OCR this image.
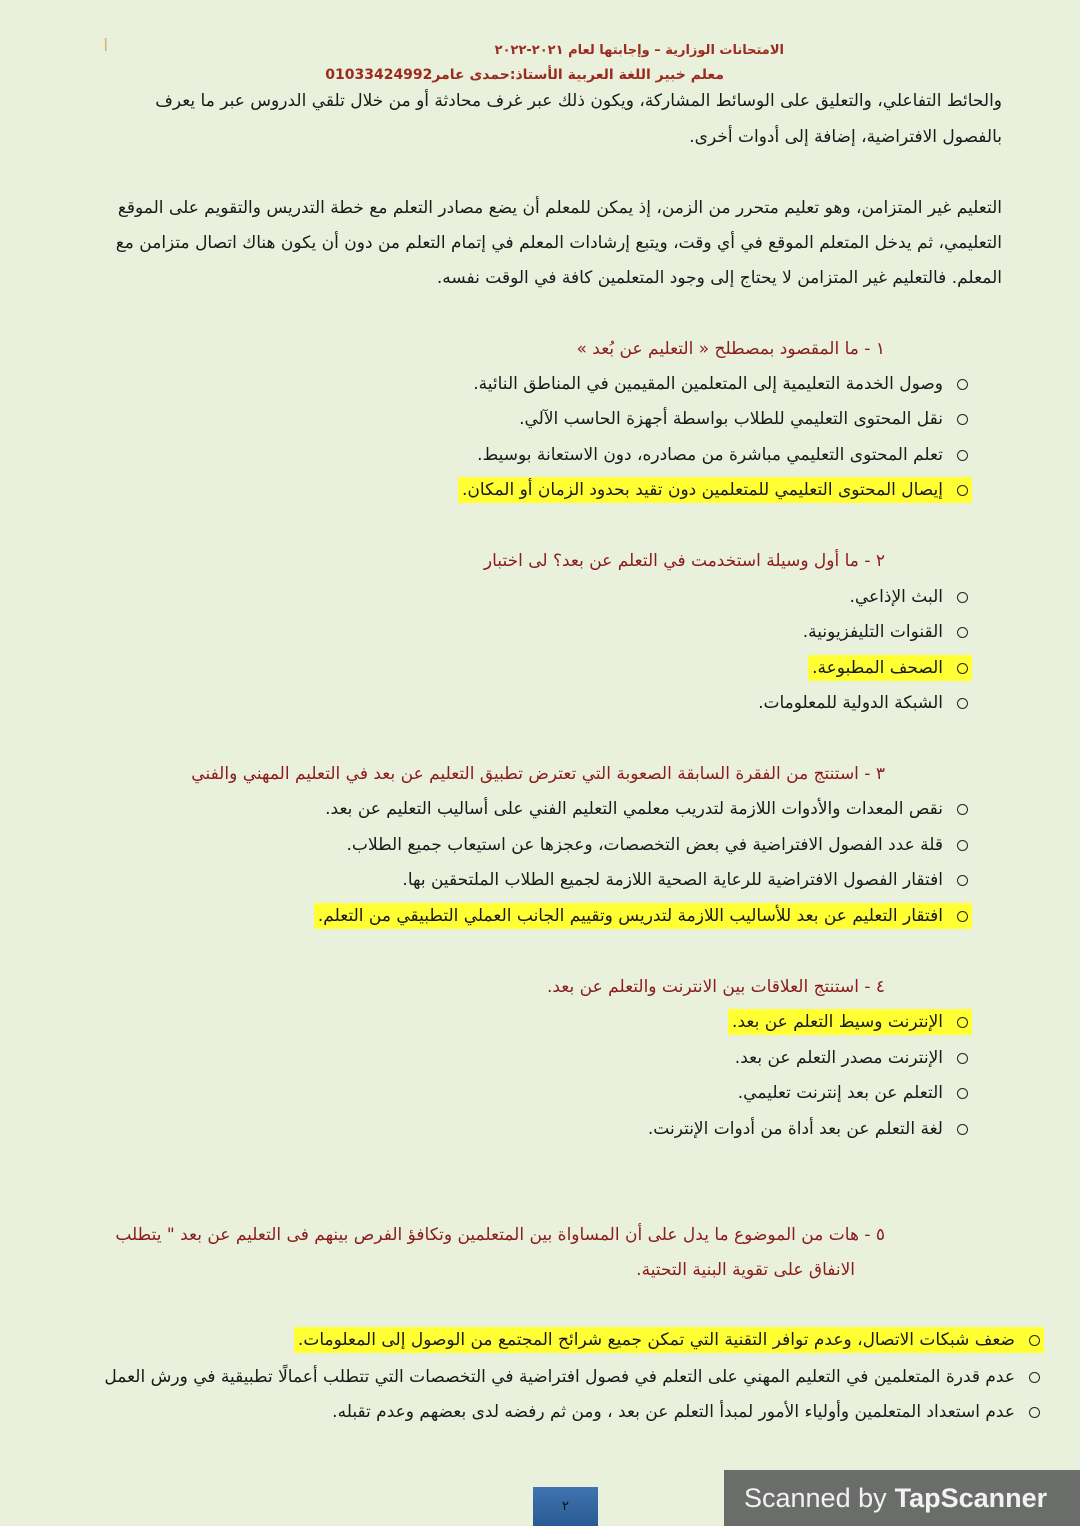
أ	الامتحانات الوزارية – وإجابتها لعام ٢٠٢١-٢٠٢٢
معلم خبير اللغة العربية الأستاذ:حمدى عامر01033424992
والحائط التفاعلي، والتعليق على الوسائط المشاركة، ويكون ذلك عبر غرف محادثة أو من خلال تلقي الدروس عبر ما يعرف
بالفصول الافتراضية، إضافة إلى أدوات أخرى.
التعليم غير المتزامن، وهو تعليم متحرر من الزمن، إذ يمكن للمعلم أن يضع مصادر التعلم مع خطة التدريس والتقويم على الموقع
التعليمي، ثم يدخل المتعلم الموقع في أي وقت، ويتبع إرشادات المعلم في إتمام التعلم من دون أن يكون هناك اتصال متزامن مع
المعلم. فالتعليم غير المتزامن لا يحتاج إلى وجود المتعلمين كافة في الوقت نفسه.
١ - ما المقصود بمصطلح « التعليم عن بُعد »
وصول الخدمة التعليمية إلى المتعلمين المقيمين في المناطق النائية.
نقل المحتوى التعليمي للطلاب بواسطة أجهزة الحاسب الآلي.
تعلم المحتوى التعليمي مباشرة من مصادره، دون الاستعانة بوسيط.
إيصال المحتوى التعليمي للمتعلمين دون تقيد بحدود الزمان أو المكان.
٢ - ما أول وسيلة استخدمت في التعلم عن بعد؟ لى اختبار
البث الإذاعي.
القنوات التليفزيونية.
الصحف المطبوعة.
الشبكة الدولية للمعلومات.
٣ - استنتج من الفقرة السابقة الصعوبة التي تعترض تطبيق التعليم عن بعد في التعليم المهني والفني
نقص المعدات والأدوات اللازمة لتدريب معلمي التعليم الفني على أساليب التعليم عن بعد.
قلة عدد الفصول الافتراضية في بعض التخصصات، وعجزها عن استيعاب جميع الطلاب.
افتقار الفصول الافتراضية للرعاية الصحية اللازمة لجميع الطلاب الملتحقين بها.
افتقار التعليم عن بعد للأساليب اللازمة لتدريس وتقييم الجانب العملي التطبيقي من التعلم.
٤ - استنتج العلاقات بين الانترنت والتعلم عن بعد.
الإنترنت وسيط التعلم عن بعد.
الإنترنت مصدر التعلم عن بعد.
التعلم عن بعد إنترنت تعليمي.
لغة التعلم عن بعد أداة من أدوات الإنترنت.
٥ - هات من الموضوع ما يدل على أن المساواة بين المتعلمين وتكافؤ الفرص بينهم فى التعليم عن بعد " يتطلب
الانفاق على تقوية البنية التحتية.
ضعف شبكات الاتصال، وعدم توافر التقنية التي تمكن جميع شرائح المجتمع من الوصول إلى المعلومات.
عدم قدرة المتعلمين في التعليم المهني على التعلم في فصول افتراضية في التخصصات التي تتطلب أعمالًا تطبيقية في ورش العمل
عدم استعداد المتعلمين وأولياء الأمور لمبدأ التعلم عن بعد ، ومن ثم رفضه لدى بعضهم وعدم تقبله.
٢	Scanned by TapScanner
